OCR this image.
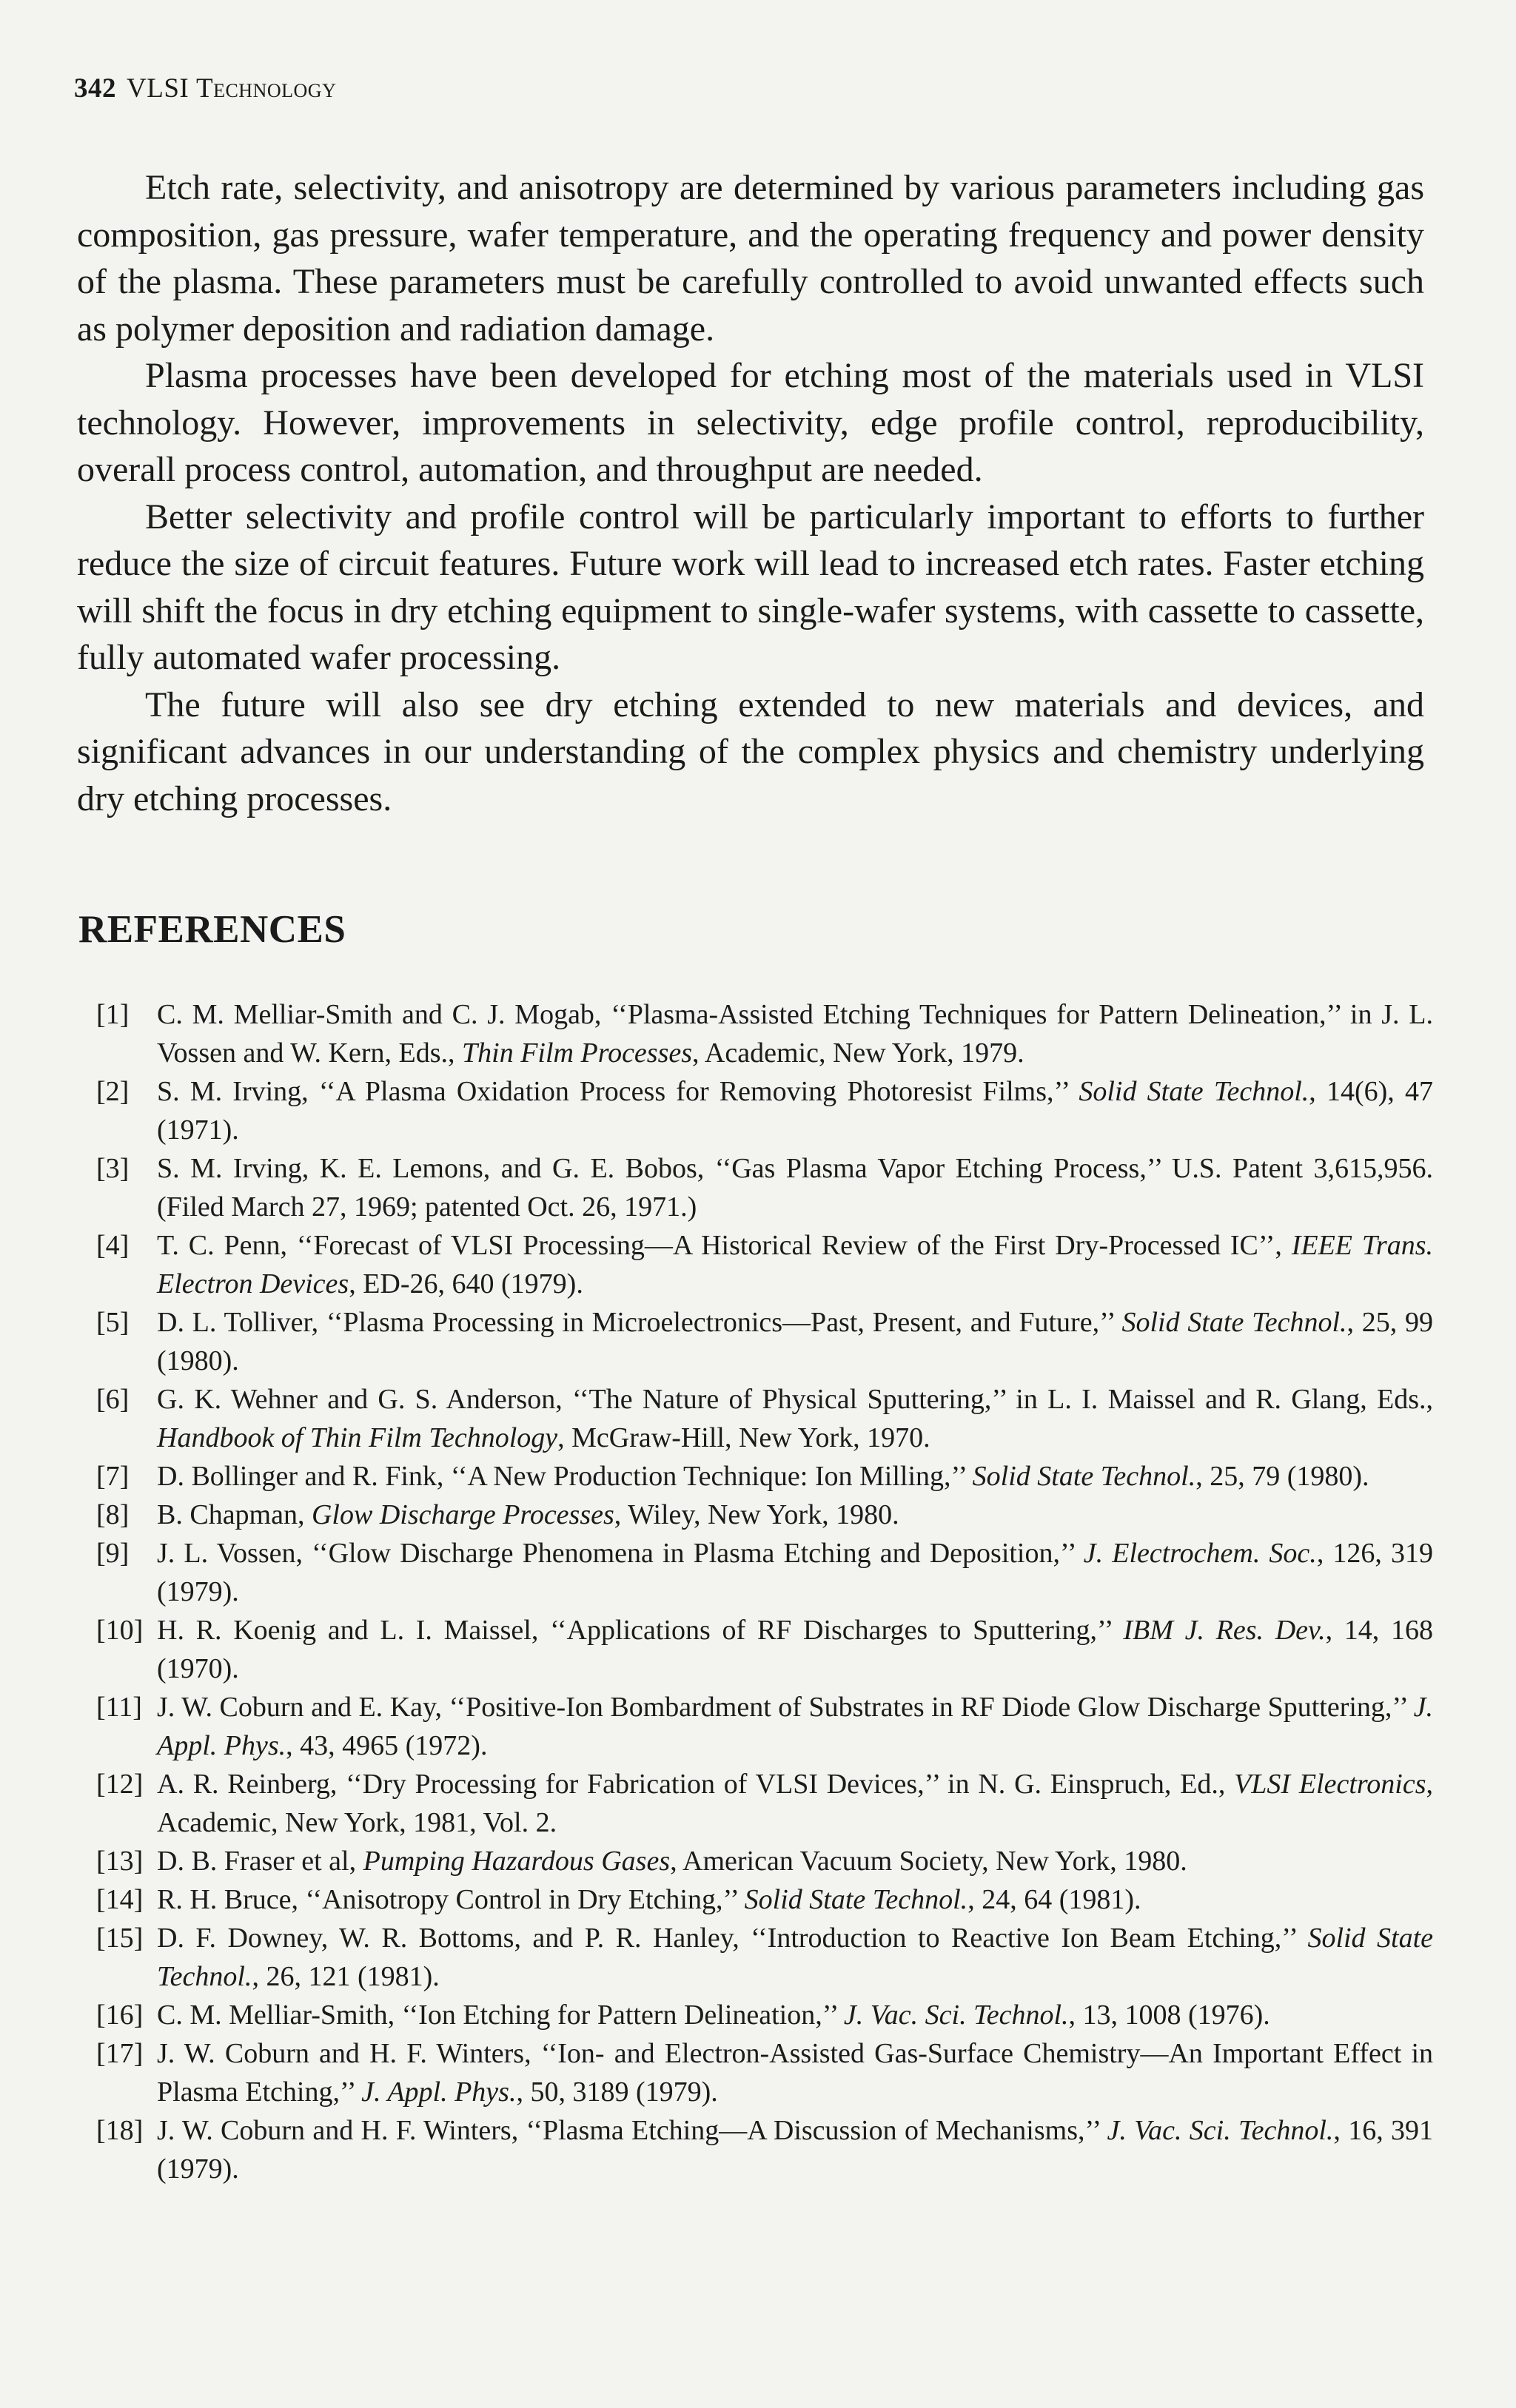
342 VLSI Technology

Etch rate, selectivity, and anisotropy are determined by various parameters including gas composition, gas pressure, wafer temperature, and the operating frequency and power density of the plasma. These parameters must be carefully controlled to avoid unwanted effects such as polymer deposition and radiation damage.

Plasma processes have been developed for etching most of the materials used in VLSI technology. However, improvements in selectivity, edge profile control, reproducibility, overall process control, automation, and throughput are needed.

Better selectivity and profile control will be particularly important to efforts to further reduce the size of circuit features. Future work will lead to increased etch rates. Faster etching will shift the focus in dry etching equipment to single-wafer systems, with cassette to cassette, fully automated wafer processing.

The future will also see dry etching extended to new materials and devices, and significant advances in our understanding of the complex physics and chemistry underlying dry etching processes.

REFERENCES
[1] C. M. Melliar-Smith and C. J. Mogab, ‘‘Plasma-Assisted Etching Techniques for Pattern Delineation,’’ in J. L. Vossen and W. Kern, Eds., Thin Film Processes, Academic, New York, 1979.
[2] S. M. Irving, ‘‘A Plasma Oxidation Process for Removing Photoresist Films,’’ Solid State Technol., 14(6), 47 (1971).
[3] S. M. Irving, K. E. Lemons, and G. E. Bobos, ‘‘Gas Plasma Vapor Etching Process,’’ U.S. Patent 3,615,956. (Filed March 27, 1969; patented Oct. 26, 1971.)
[4] T. C. Penn, ‘‘Forecast of VLSI Processing—A Historical Review of the First Dry-Processed IC’’, IEEE Trans. Electron Devices, ED-26, 640 (1979).
[5] D. L. Tolliver, ‘‘Plasma Processing in Microelectronics—Past, Present, and Future,’’ Solid State Technol., 25, 99 (1980).
[6] G. K. Wehner and G. S. Anderson, ‘‘The Nature of Physical Sputtering,’’ in L. I. Maissel and R. Glang, Eds., Handbook of Thin Film Technology, McGraw-Hill, New York, 1970.
[7] D. Bollinger and R. Fink, ‘‘A New Production Technique: Ion Milling,’’ Solid State Technol., 25, 79 (1980).
[8] B. Chapman, Glow Discharge Processes, Wiley, New York, 1980.
[9] J. L. Vossen, ‘‘Glow Discharge Phenomena in Plasma Etching and Deposition,’’ J. Electrochem. Soc., 126, 319 (1979).
[10] H. R. Koenig and L. I. Maissel, ‘‘Applications of RF Discharges to Sputtering,’’ IBM J. Res. Dev., 14, 168 (1970).
[11] J. W. Coburn and E. Kay, ‘‘Positive-Ion Bombardment of Substrates in RF Diode Glow Discharge Sputtering,’’ J. Appl. Phys., 43, 4965 (1972).
[12] A. R. Reinberg, ‘‘Dry Processing for Fabrication of VLSI Devices,’’ in N. G. Einspruch, Ed., VLSI Electronics, Academic, New York, 1981, Vol. 2.
[13] D. B. Fraser et al, Pumping Hazardous Gases, American Vacuum Society, New York, 1980.
[14] R. H. Bruce, ‘‘Anisotropy Control in Dry Etching,’’ Solid State Technol., 24, 64 (1981).
[15] D. F. Downey, W. R. Bottoms, and P. R. Hanley, ‘‘Introduction to Reactive Ion Beam Etching,’’ Solid State Technol., 26, 121 (1981).
[16] C. M. Melliar-Smith, ‘‘Ion Etching for Pattern Delineation,’’ J. Vac. Sci. Technol., 13, 1008 (1976).
[17] J. W. Coburn and H. F. Winters, ‘‘Ion- and Electron-Assisted Gas-Surface Chemistry—An Important Effect in Plasma Etching,’’ J. Appl. Phys., 50, 3189 (1979).
[18] J. W. Coburn and H. F. Winters, ‘‘Plasma Etching—A Discussion of Mechanisms,’’ J. Vac. Sci. Technol., 16, 391 (1979).
